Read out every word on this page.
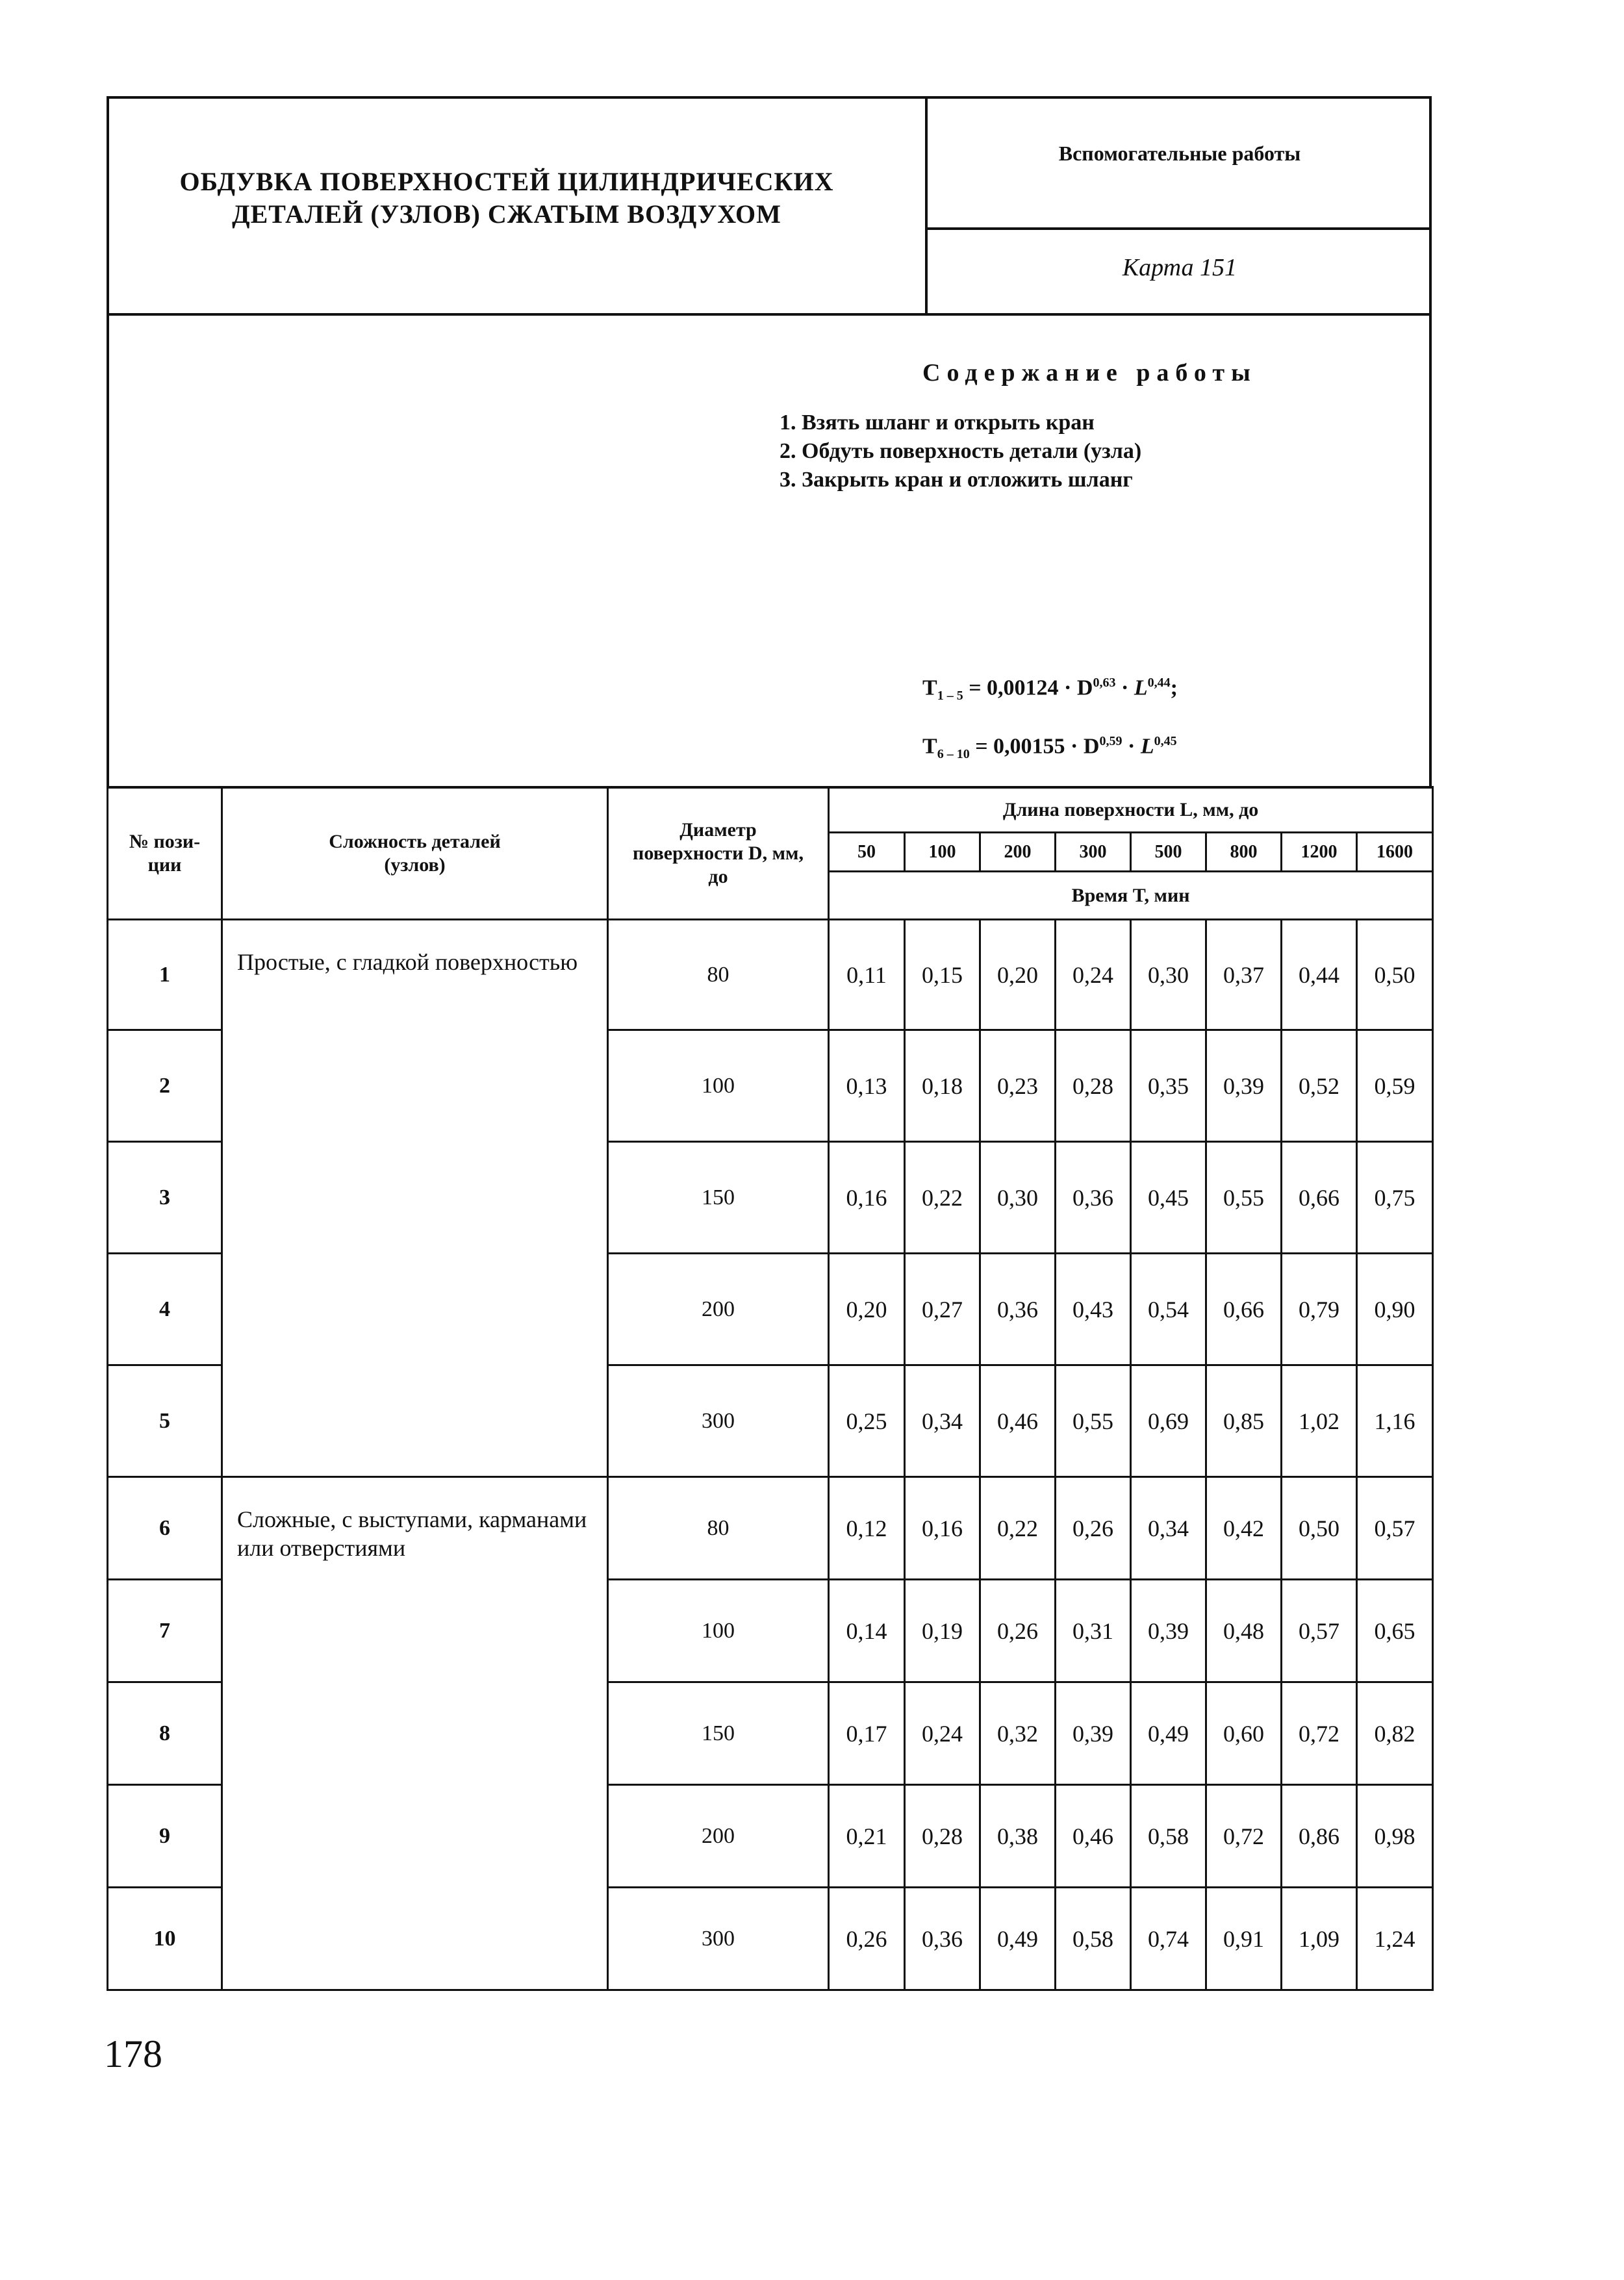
ОБДУВКА ПОВЕРХНОСТЕЙ ЦИЛИНДРИЧЕСКИХ
ДЕТАЛЕЙ (УЗЛОВ) СЖАТЫМ ВОЗДУХОМ
Вспомогательные работы
Карта 151
Содержание работы
1. Взять шланг и открыть кран
2. Обдуть поверхность детали (узла)
3. Закрыть кран и отложить шланг
$T_{1 - 5} = 0,00124 \cdot D^{0,63} \cdot L^{0,44}$;
$T_{6 - 10} = 0,00155 \cdot D^{0,59} \cdot L^{0,45}$
№ пози-ции	Сложность деталей (узлов)	Диаметр поверхности D, мм, до	Длина поверхности L, мм, до							
			50	100	200	300	500	800	1200	1600
			Время T, мин							
1	Простые, с гладкой поверхностью	80	0,11	0,15	0,20	0,24	0,30	0,37	0,44	0,50
2		100	0,13	0,18	0,23	0,28	0,35	0,39	0,52	0,59
3		150	0,16	0,22	0,30	0,36	0,45	0,55	0,66	0,75
4		200	0,20	0,27	0,36	0,43	0,54	0,66	0,79	0,90
5		300	0,25	0,34	0,46	0,55	0,69	0,85	1,02	1,16
6	Сложные, с выступами, карманами или отверстиями	80	0,12	0,16	0,22	0,26	0,34	0,42	0,50	0,57
7		100	0,14	0,19	0,26	0,31	0,39	0,48	0,57	0,65
8		150	0,17	0,24	0,32	0,39	0,49	0,60	0,72	0,82
9		200	0,21	0,28	0,38	0,46	0,58	0,72	0,86	0,98
10		300	0,26	0,36	0,49	0,58	0,74	0,91	1,09	1,24
178
